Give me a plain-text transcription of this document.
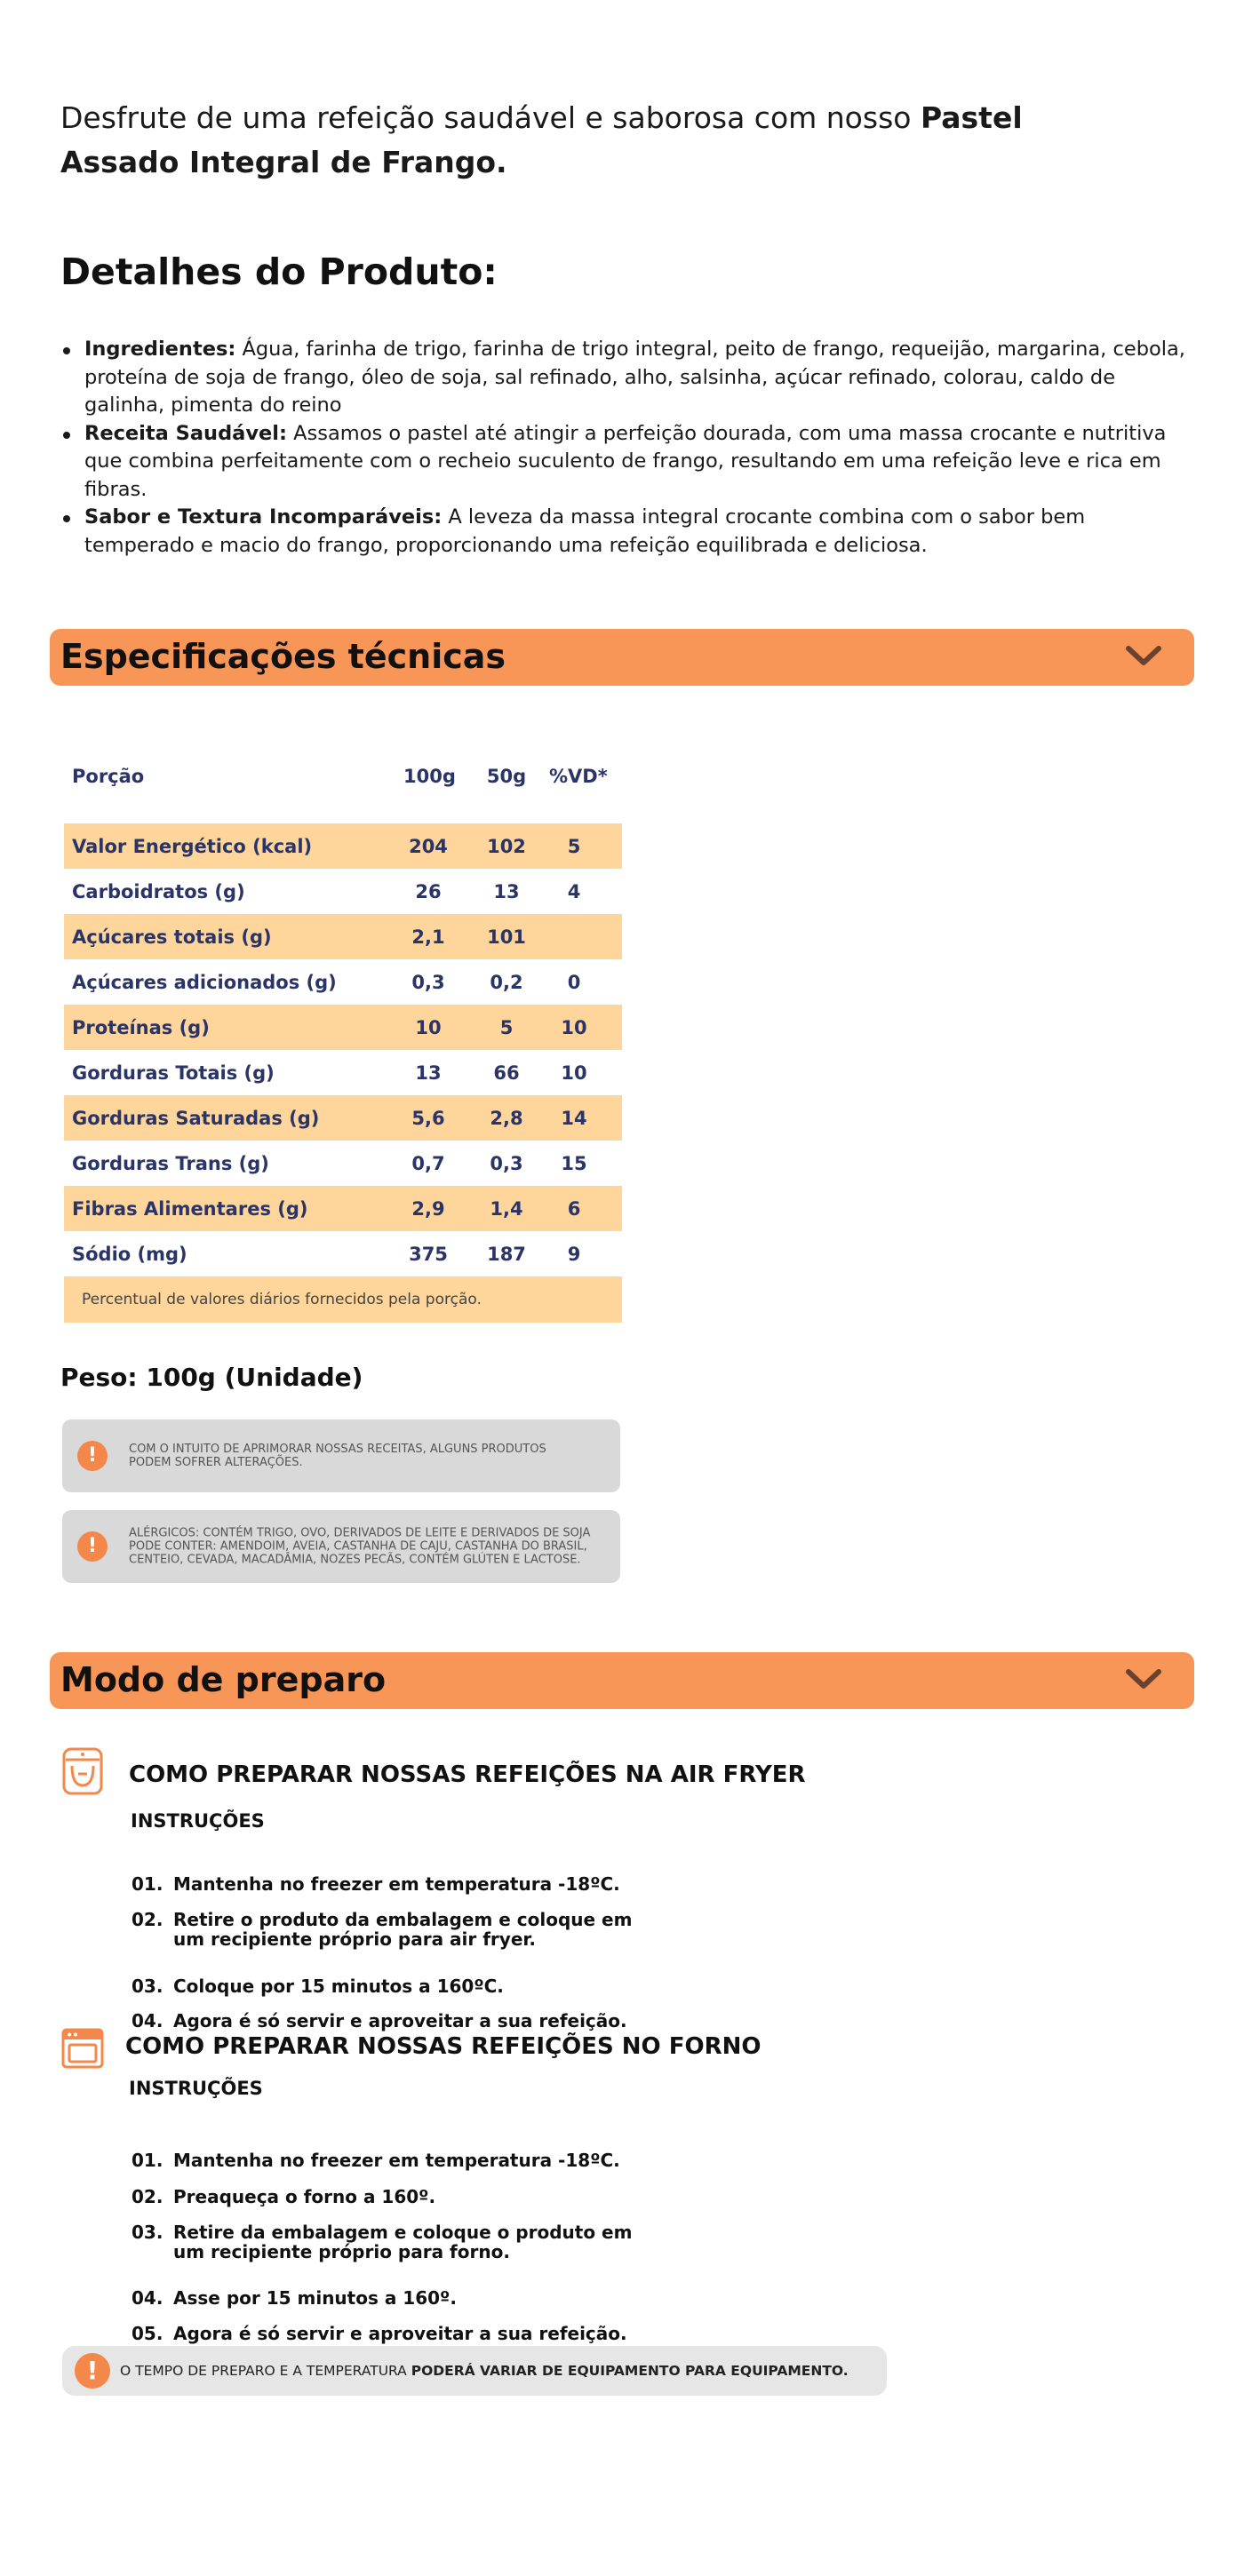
Desfrute de uma refeição saudável e saborosa com nosso Pastel Assado Integral de Frango.
Detalhes do Produto:
Ingredientes: Água, farinha de trigo, farinha de trigo integral, peito de frango, requeijão, margarina, cebola, proteína de soja de frango, óleo de soja, sal refinado, alho, salsinha, açúcar refinado, colorau, caldo de galinha, pimenta do reino
Receita Saudável: Assamos o pastel até atingir a perfeição dourada, com uma massa crocante e nutritiva que combina perfeitamente com o recheio suculento de frango, resultando em uma refeição leve e rica em fibras.
Sabor e Textura Incomparáveis: A leveza da massa integral crocante combina com o sabor bem temperado e macio do frango, proporcionando uma refeição equilibrada e deliciosa.
Especificações técnicas
Porção	100g 50g %VD*
Valor Energético (kcal)	204 102	5
Carboidratos (g)	26	13	4
Açúcares totais (g)	2,1	101
Açúcares adicionados (g)	0,3	0,2	0
Proteínas (g)	10	5	10
Gorduras Totais (g)	13	66	10
Gorduras Saturadas (g)	5,6	2,8	14
Gorduras Trans (g)	0,7	0,3	15
Fibras Alimentares (g)	2,9	1,4	6
Sódio (mg)	375 187	9
Percentual de valores diários fornecidos pela porção.
Peso: 100g (Unidade)
!	COM O INTUITO DE APRIMORAR NOSSAS RECEITAS, ALGUNS PRODUTOS PODEM SOFRER ALTERAÇÕES.
!
ALÉRGICOS: CONTÉM TRIGO, OVO, DERIVADOS DE LEITE E DERIVADOS DE SOJA PODE CONTER: AMENDOIM, AVEIA, CASTANHA DE CAJU, CASTANHA DO BRASIL, CENTEIO, CEVADA, MACADÂMIA, NOZES PECÃS, CONTÉM GLÚTEN E LACTOSE.
Modo de preparo
COMO PREPARAR NOSSAS REFEIÇÕES NA AIR FRYER
INSTRUÇÕES
01. Mantenha no freezer em temperatura -18ºC.
02. Retire o produto da embalagem e coloque em um recipiente próprio para air fryer.
03. Coloque por 15 minutos a 160ºC.
04. Agora é só servir e aproveitar a sua refeição.
COMO PREPARAR NOSSAS REFEIÇÕES NO FORNO
INSTRUÇÕES
01. Mantenha no freezer em temperatura -18ºC.
02. Preaqueça o forno a 160º.
03. Retire da embalagem e coloque o produto em um recipiente próprio para forno.
04. Asse por 15 minutos a 160º.
05. Agora é só servir e aproveitar a sua refeição.
!	O TEMPO DE PREPARO E A TEMPERATURA PODERÁ VARIAR DE EQUIPAMENTO PARA EQUIPAMENTO.
